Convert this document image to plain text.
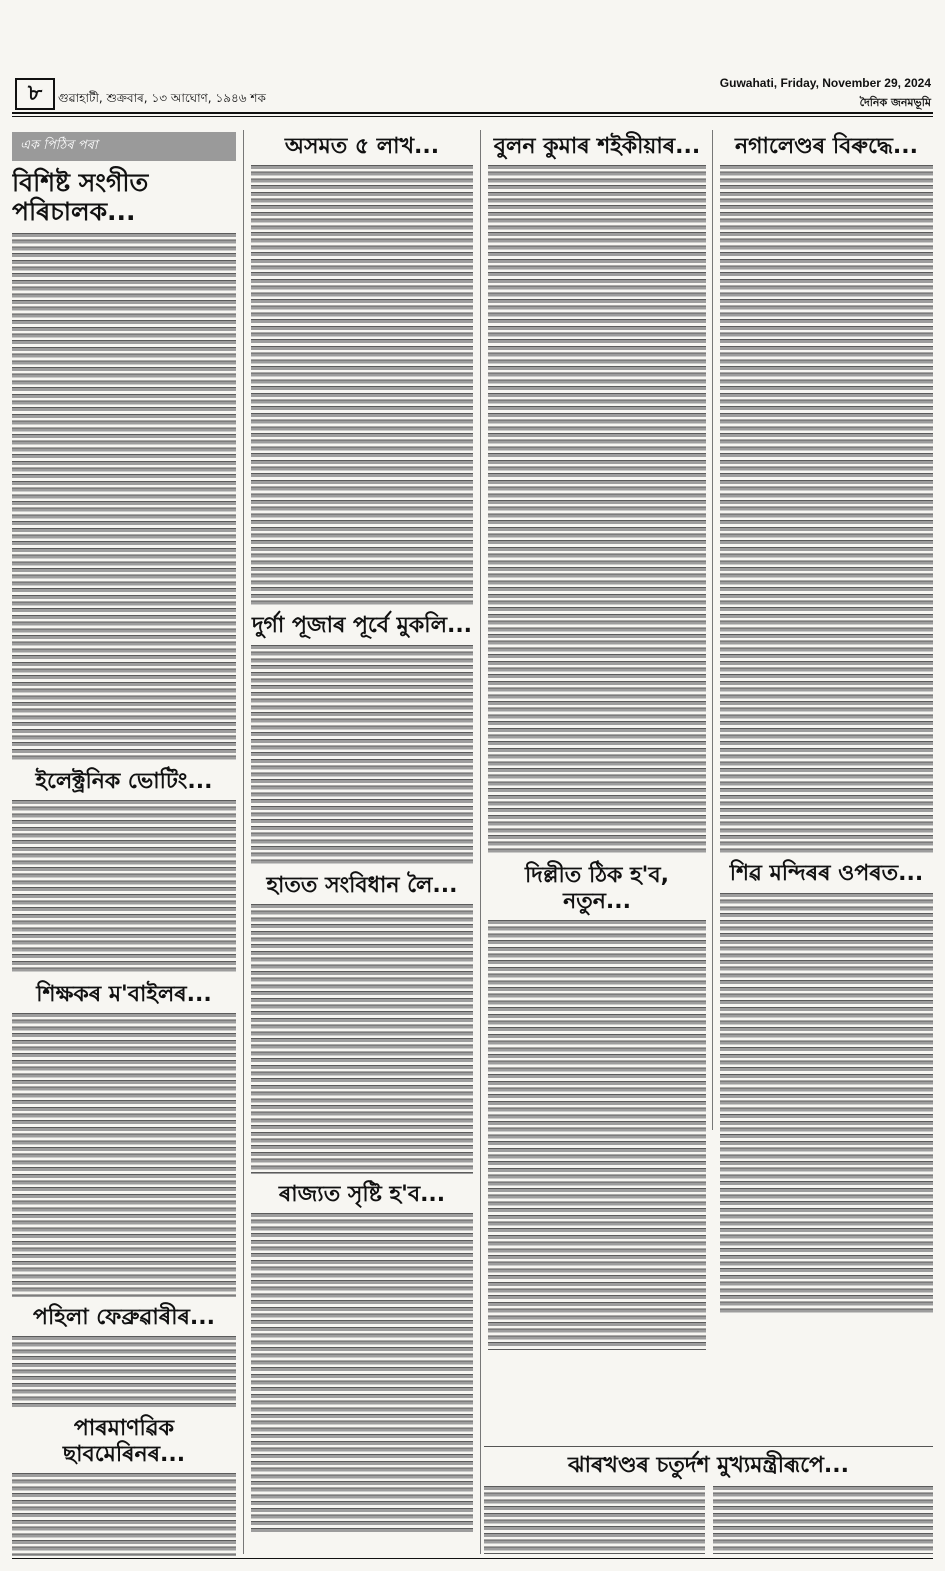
৮	গুৱাহাটী, শুক্ৰবাৰ, ১৩ আঘোণ, ১৯৪৬ শক
Guwahati, Friday, November 29, 2024
দৈনিক জনমভূমি
এক পিঠিৰ পৰা
বিশিষ্ট সংগীত পৰিচালক...
ইলেক্ট্ৰনিক ভোটিং...
শিক্ষকৰ ম'বাইলৰ...
পহিলা ফেব্ৰুৱাৰীৰ...
পাৰমাণৱিক ছাবমেৰিনৰ...
অসমত ৫ লাখ...
দুৰ্গা পূজাৰ পূৰ্বে মুকলি...
হাতত সংবিধান লৈ...
ৰাজ্যত সৃষ্টি হ'ব...
বুলন কুমাৰ শইকীয়াৰ...
দিল্লীত ঠিক হ'ব, নতুন...
নগালেণ্ডৰ বিৰুদ্ধে...
শিৱ মন্দিৰৰ ওপৰত...
ঝাৰখণ্ডৰ চতুৰ্দশ মুখ্যমন্ত্ৰীৰূপে...
